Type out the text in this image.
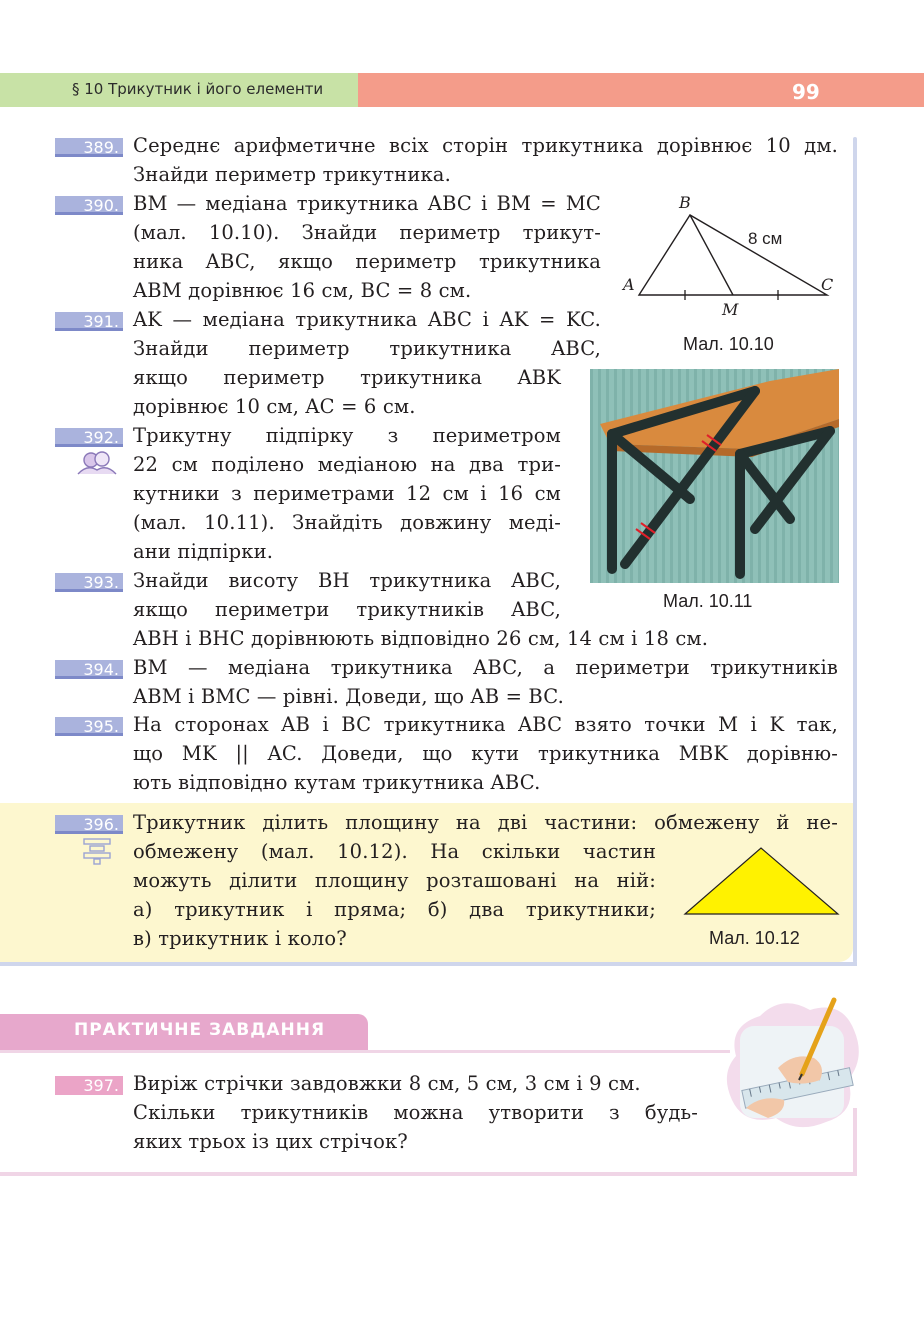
§ 10 Трикутник і його елементи	99
389. Середнє арифметичне всіх сторін трикутника дорівнює 10 дм.
Знайди периметр трикутника.
390. BM — медіана трикутника ABC і BM = MC
(мал. 10.10). Знайди периметр трикут-
ника ABC, якщо периметр трикутника
ABM дорівнює 16 см, BC = 8 см.
391. AK — медіана трикутника ABC і AK = KC.
Знайди периметр трикутника ABC,
якщо периметр трикутника ABK
дорівнює 10 см, AC = 6 см.
392. Трикутну підпірку з периметром
22 см поділено медіаною на два три-
кутники з периметрами 12 см і 16 см
(мал. 10.11). Знайдіть довжину меді-
ани підпірки.
393. Знайди висоту BH трикутника ABC,
якщо периметри трикутників ABC,
ABH і BHC дорівнюють відповідно 26 см, 14 см і 18 см.
394. BM — медіана трикутника ABC, а периметри трикутників
ABM і BMC — рівні. Доведи, що AB = BC.
395. На сторонах AB і BC трикутника ABC взято точки M і K так,
що MK || AC. Доведи, що кути трикутника MBK дорівню-
ють відповідно кутам трикутника ABC.
396. Трикутник ділить площину на дві частини: обмежену й не-
обмежену (мал. 10.12). На скільки частин
можуть ділити площину розташовані на ній:
а) трикутник і пряма; б) два трикутники;
в) трикутник і коло?
B
A	C
M
8 см
Мал. 10.10
Мал. 10.11
Мал. 10.12
ПРАКТИЧНЕ ЗАВДАННЯ
397. Виріж стрічки завдовжки 8 см, 5 см, 3 см і 9 см.
Скільки трикутників можна утворити з будь-
яких трьох із цих стрічок?
